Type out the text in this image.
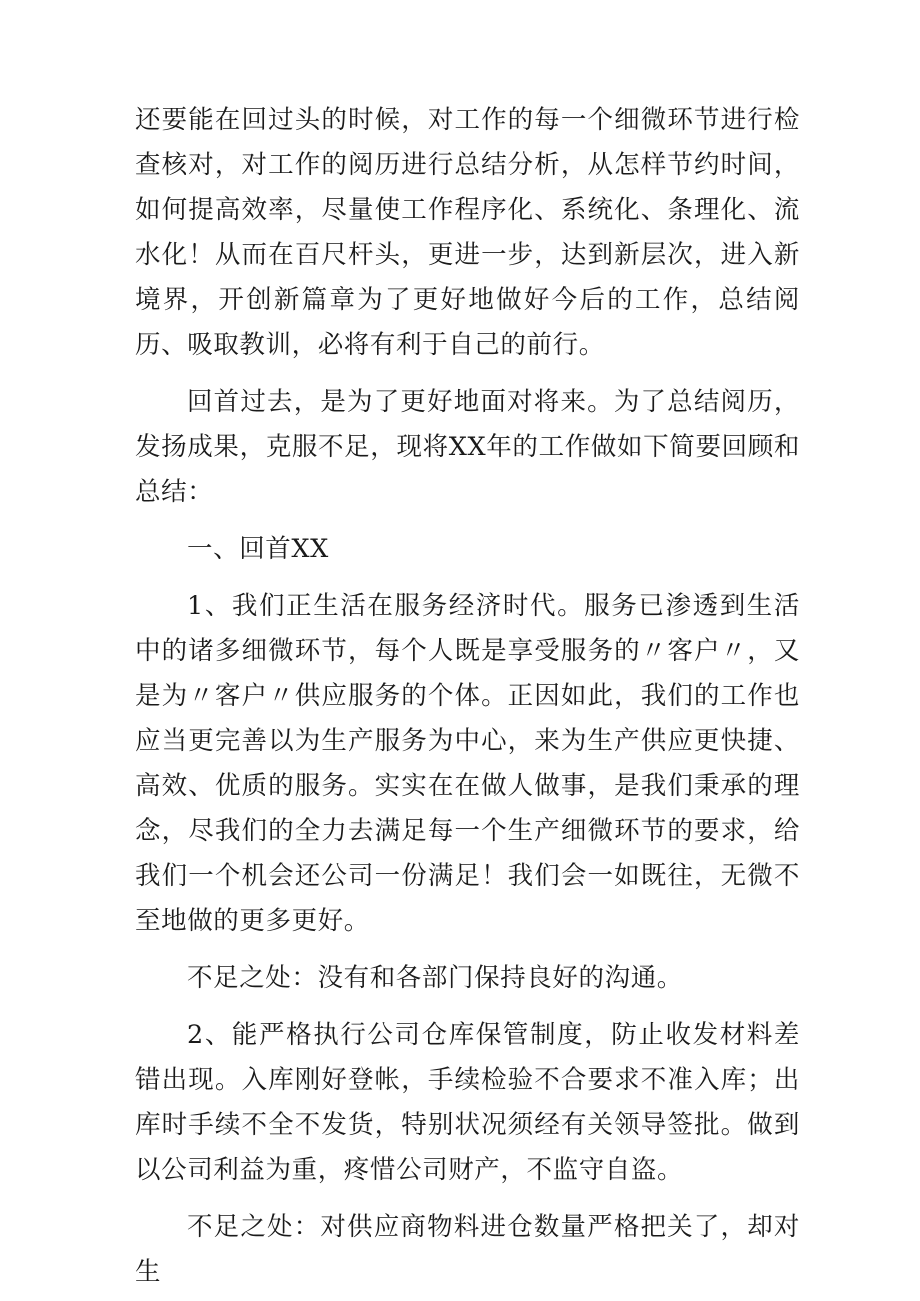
还要能在回过头的时候，对工作的每一个细微环节进行检查核对，对工作的阅历进行总结分析，从怎样节约时间，如何提高效率，尽量使工作程序化、系统化、条理化、流水化！从而在百尺杆头，更进一步，达到新层次，进入新境界，开创新篇章为了更好地做好今后的工作，总结阅历、吸取教训，必将有利于自己的前行。

回首过去，是为了更好地面对将来。为了总结阅历，发扬成果，克服不足，现将XX年的工作做如下简要回顾和总结：

一、回首XX

1、我们正生活在服务经济时代。服务已渗透到生活中的诸多细微环节，每个人既是享受服务的〃客户〃，又是为〃客户〃供应服务的个体。正因如此，我们的工作也应当更完善以为生产服务为中心，来为生产供应更快捷、高效、优质的服务。实实在在做人做事，是我们秉承的理念，尽我们的全力去满足每一个生产细微环节的要求，给我们一个机会还公司一份满足！我们会一如既往，无微不至地做的更多更好。

不足之处：没有和各部门保持良好的沟通。

2、能严格执行公司仓库保管制度，防止收发材料差错出现。入库刚好登帐，手续检验不合要求不准入库；出库时手续不全不发货，特别状况须经有关领导签批。做到以公司利益为重，疼惜公司财产，不监守自盗。

不足之处：对供应商物料进仓数量严格把关了，却对生
